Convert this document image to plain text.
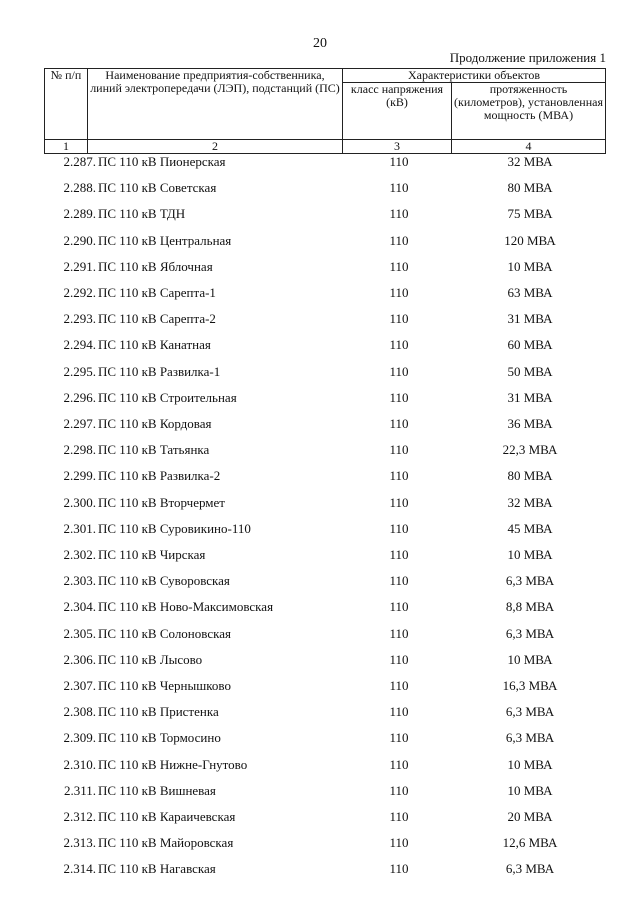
20
Продолжение приложения 1
№ п/п	Наименование предприятия-собственника, линий электропередачи (ЛЭП), подстанций (ПС)	Характеристики объектов	
		класс напряжения (кВ)	протяженность (километров), установленная мощность (МВА)
1	2	3	4
2.287. ПС 110 кВ Пионерская	110	32 МВА
2.288. ПС 110 кВ Советская	110	80 МВА
2.289. ПС 110 кВ ТДН	110	75 МВА
2.290. ПС 110 кВ Центральная	110	120 МВА
2.291. ПС 110 кВ Яблочная	110	10 МВА
2.292. ПС 110 кВ Сарепта-1	110	63 МВА
2.293. ПС 110 кВ Сарепта-2	110	31 МВА
2.294. ПС 110 кВ Канатная	110	60 МВА
2.295. ПС 110 кВ Развилка-1	110	50 МВА
2.296. ПС 110 кВ Строительная	110	31 МВА
2.297. ПС 110 кВ Кордовая	110	36 МВА
2.298. ПС 110 кВ Татьянка	110	22,3 МВА
2.299. ПС 110 кВ Развилка-2	110	80 МВА
2.300. ПС 110 кВ Вторчермет	110	32 МВА
2.301. ПС 110 кВ Суровикино-110	110	45 МВА
2.302. ПС 110 кВ Чирская	110	10 МВА
2.303. ПС 110 кВ Суворовская	110	6,3 МВА
2.304. ПС 110 кВ Ново-Максимовская	110	8,8 МВА
2.305. ПС 110 кВ Солоновская	110	6,3 МВА
2.306. ПС 110 кВ Лысово	110	10 МВА
2.307. ПС 110 кВ Чернышково	110	16,3 МВА
2.308. ПС 110 кВ Пристенка	110	6,3 МВА
2.309. ПС 110 кВ Тормосино	110	6,3 МВА
2.310. ПС 110 кВ Нижне-Гнутово	110	10 МВА
2.311. ПС 110 кВ Вишневая	110	10 МВА
2.312. ПС 110 кВ Караичевская	110	20 МВА
2.313. ПС 110 кВ Майоровская	110	12,6 МВА
2.314. ПС 110 кВ Нагавская	110	6,3 МВА
